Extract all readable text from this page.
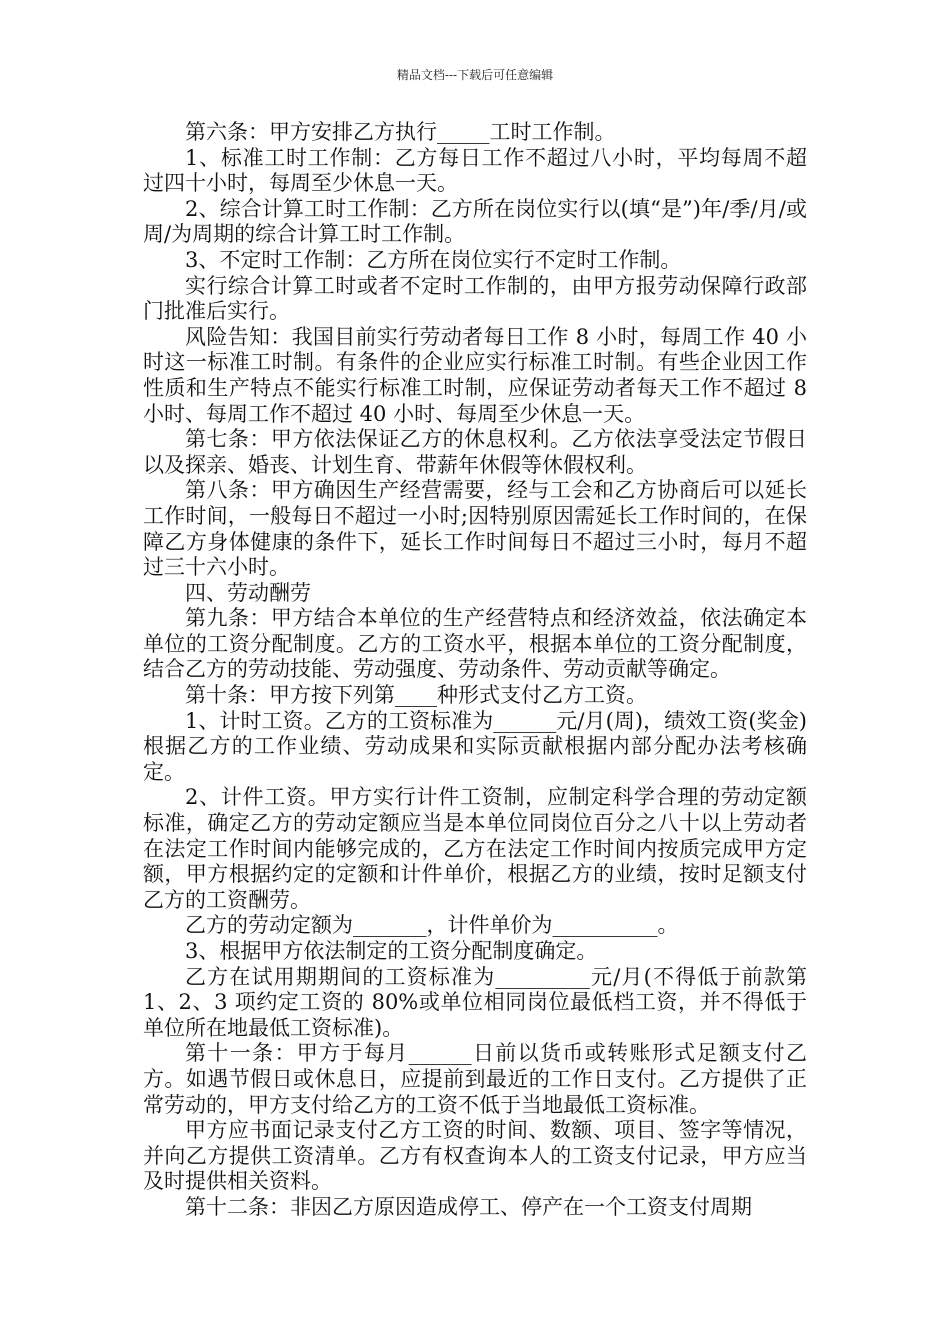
精品文档---下载后可任意编辑

第六条：甲方安排乙方执行_____工时工作制。

1、标准工时工作制：乙方每日工作不超过八小时，平均每周不超过四十小时，每周至少休息一天。

2、综合计算工时工作制：乙方所在岗位实行以(填“是”)年/季/月/或周/为周期的综合计算工时工作制。

3、不定时工作制：乙方所在岗位实行不定时工作制。

实行综合计算工时或者不定时工作制的，由甲方报劳动保障行政部门批准后实行。

风险告知：我国目前实行劳动者每日工作 8 小时，每周工作 40 小时这一标准工时制。有条件的企业应实行标准工时制。有些企业因工作性质和生产特点不能实行标准工时制，应保证劳动者每天工作不超过 8 小时、每周工作不超过 40 小时、每周至少休息一天。

第七条：甲方依法保证乙方的休息权利。乙方依法享受法定节假日以及探亲、婚丧、计划生育、带薪年休假等休假权利。

第八条：甲方确因生产经营需要，经与工会和乙方协商后可以延长工作时间，一般每日不超过一小时;因特别原因需延长工作时间的，在保障乙方身体健康的条件下，延长工作时间每日不超过三小时，每月不超过三十六小时。

四、劳动酬劳

第九条：甲方结合本单位的生产经营特点和经济效益，依法确定本单位的工资分配制度。乙方的工资水平，根据本单位的工资分配制度，结合乙方的劳动技能、劳动强度、劳动条件、劳动贡献等确定。

第十条：甲方按下列第____种形式支付乙方工资。

1、计时工资。乙方的工资标准为______元/月(周)，绩效工资(奖金)根据乙方的工作业绩、劳动成果和实际贡献根据内部分配办法考核确定。

2、计件工资。甲方实行计件工资制，应制定科学合理的劳动定额标准，确定乙方的劳动定额应当是本单位同岗位百分之八十以上劳动者在法定工作时间内能够完成的，乙方在法定工作时间内按质完成甲方定额，甲方根据约定的定额和计件单价，根据乙方的业绩，按时足额支付乙方的工资酬劳。

乙方的劳动定额为_______，计件单价为__________。

3、根据甲方依法制定的工资分配制度确定。

乙方在试用期期间的工资标准为_________元/月(不得低于前款第 1、2、3 项约定工资的 80%或单位相同岗位最低档工资，并不得低于单位所在地最低工资标准)。

第十一条：甲方于每月______日前以货币或转账形式足额支付乙方。如遇节假日或休息日，应提前到最近的工作日支付。乙方提供了正常劳动的，甲方支付给乙方的工资不低于当地最低工资标准。

甲方应书面记录支付乙方工资的时间、数额、项目、签字等情况，并向乙方提供工资清单。乙方有权查询本人的工资支付记录，甲方应当及时提供相关资料。

第十二条：非因乙方原因造成停工、停产在一个工资支付周期
